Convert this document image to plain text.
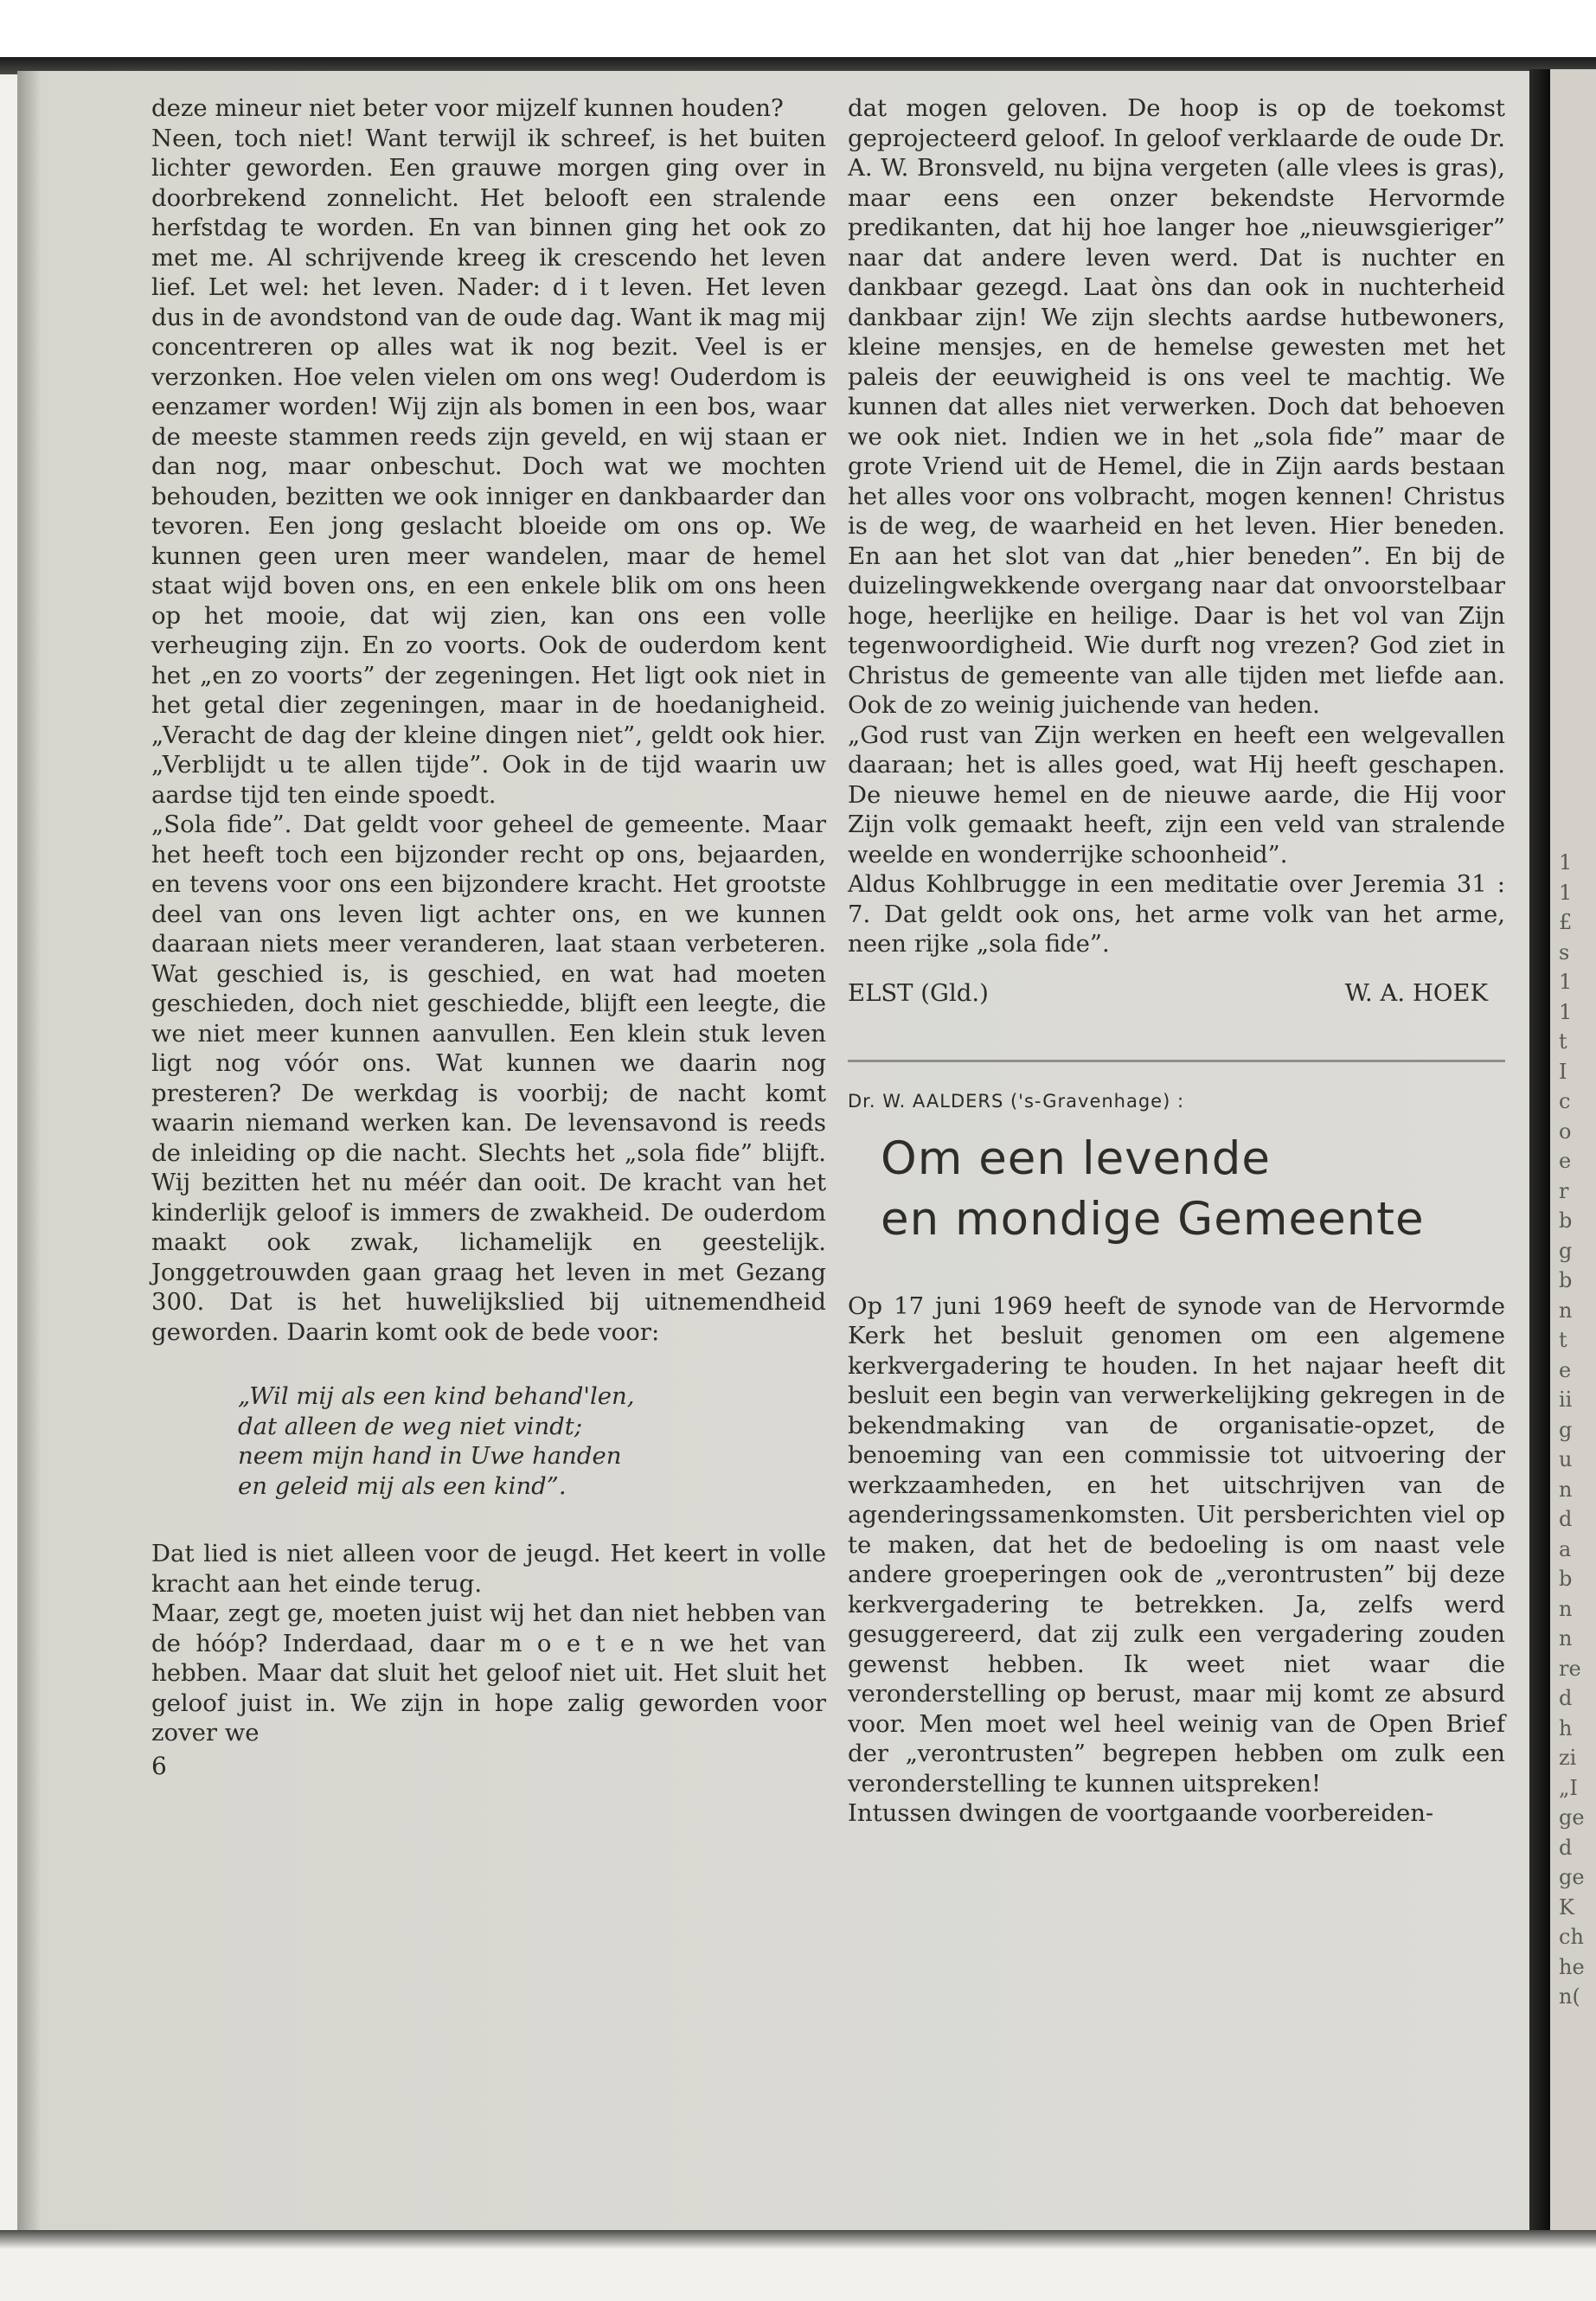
1
1
£
s
1
1
t
I
c
o
e
r
b
g
b
n
t
e
ii
g
u
n
d
a
b
n
n
re
d
h
zi
„I
ge
d
ge
K
ch
he
n(

deze mineur niet beter voor mijzelf kunnen houden?

Neen, toch niet! Want terwijl ik schreef, is het buiten lichter geworden. Een grauwe morgen ging over in doorbrekend zonnelicht. Het belooft een stralende herfstdag te worden. En van binnen ging het ook zo met me. Al schrijvende kreeg ik crescendo het leven lief. Let wel: het leven. Nader: d i t leven. Het leven dus in de avondstond van de oude dag. Want ik mag mij concentreren op alles wat ik nog bezit. Veel is er verzonken. Hoe velen vielen om ons weg! Ouderdom is eenzamer worden! Wij zijn als bomen in een bos, waar de meeste stammen reeds zijn geveld, en wij staan er dan nog, maar onbeschut. Doch wat we mochten behouden, bezitten we ook inniger en dankbaarder dan tevoren. Een jong geslacht bloeide om ons op. We kunnen geen uren meer wandelen, maar de hemel staat wijd boven ons, en een enkele blik om ons heen op het mooie, dat wij zien, kan ons een volle verheuging zijn. En zo voorts. Ook de ouderdom kent het „en zo voorts” der zegeningen. Het ligt ook niet in het getal dier zegeningen, maar in de hoedanigheid. „Veracht de dag der kleine dingen niet”, geldt ook hier. „Verblijdt u te allen tijde”. Ook in de tijd waarin uw aardse tijd ten einde spoedt.

„Sola fide”. Dat geldt voor geheel de gemeente. Maar het heeft toch een bijzonder recht op ons, bejaarden, en tevens voor ons een bijzondere kracht. Het grootste deel van ons leven ligt achter ons, en we kunnen daaraan niets meer veranderen, laat staan verbeteren. Wat geschied is, is geschied, en wat had moeten geschieden, doch niet geschiedde, blijft een leegte, die we niet meer kunnen aanvullen. Een klein stuk leven ligt nog vóór ons. Wat kunnen we daarin nog presteren? De werkdag is voorbij; de nacht komt waarin niemand werken kan. De levensavond is reeds de inleiding op die nacht. Slechts het „sola fide” blijft. Wij bezitten het nu méér dan ooit. De kracht van het kinderlijk geloof is immers de zwakheid. De ouderdom maakt ook zwak, lichamelijk en geestelijk. Jonggetrouwden gaan graag het leven in met Gezang 300. Dat is het huwelijkslied bij uitnemendheid geworden. Daarin komt ook de bede voor:

„Wil mij als een kind behand'len,
dat alleen de weg niet vindt;
neem mijn hand in Uwe handen
en geleid mij als een kind”.

Dat lied is niet alleen voor de jeugd. Het keert in volle kracht aan het einde terug.

Maar, zegt ge, moeten juist wij het dan niet hebben van de hóóp? Inderdaad, daar m o e t e n we het van hebben. Maar dat sluit het geloof niet uit. Het sluit het geloof juist in. We zijn in hope zalig geworden voor zover we

6

dat mogen geloven. De hoop is op de toekomst geprojecteerd geloof. In geloof verklaarde de oude Dr. A. W. Bronsveld, nu bijna vergeten (alle vlees is gras), maar eens een onzer bekendste Hervormde predikanten, dat hij hoe langer hoe „nieuwsgieriger” naar dat andere leven werd. Dat is nuchter en dankbaar gezegd. Laat òns dan ook in nuchterheid dankbaar zijn! We zijn slechts aardse hutbewoners, kleine mensjes, en de hemelse gewesten met het paleis der eeuwigheid is ons veel te machtig. We kunnen dat alles niet verwerken. Doch dat behoeven we ook niet. Indien we in het „sola fide” maar de grote Vriend uit de Hemel, die in Zijn aards bestaan het alles voor ons volbracht, mogen kennen! Christus is de weg, de waarheid en het leven. Hier beneden. En aan het slot van dat „hier beneden”. En bij de duizelingwekkende overgang naar dat onvoorstelbaar hoge, heerlijke en heilige. Daar is het vol van Zijn tegenwoordigheid. Wie durft nog vrezen? God ziet in Christus de gemeente van alle tijden met liefde aan. Ook de zo weinig juichende van heden.

„God rust van Zijn werken en heeft een welgevallen daaraan; het is alles goed, wat Hij heeft geschapen. De nieuwe hemel en de nieuwe aarde, die Hij voor Zijn volk gemaakt heeft, zijn een veld van stralende weelde en wonderrijke schoonheid”.

Aldus Kohlbrugge in een meditatie over Jeremia 31 : 7. Dat geldt ook ons, het arme volk van het arme, neen rijke „sola fide”.

ELST (Gld.)	W. A. HOEK
Dr. W. AALDERS ('s-Gravenhage) :
Om een levende
en mondige Gemeente

Op 17 juni 1969 heeft de synode van de Hervormde Kerk het besluit genomen om een algemene kerkvergadering te houden. In het najaar heeft dit besluit een begin van verwerkelijking gekregen in de bekendmaking van de organisatie-opzet, de benoeming van een commissie tot uitvoering der werkzaamheden, en het uitschrijven van de agenderingssamenkomsten. Uit persberichten viel op te maken, dat het de bedoeling is om naast vele andere groeperingen ook de „verontrusten” bij deze kerkvergadering te betrekken. Ja, zelfs werd gesuggereerd, dat zij zulk een vergadering zouden gewenst hebben. Ik weet niet waar die veronderstelling op berust, maar mij komt ze absurd voor. Men moet wel heel weinig van de Open Brief der „verontrusten” begrepen hebben om zulk een veronderstelling te kunnen uitspreken!

Intussen dwingen de voortgaande voorbereiden-
